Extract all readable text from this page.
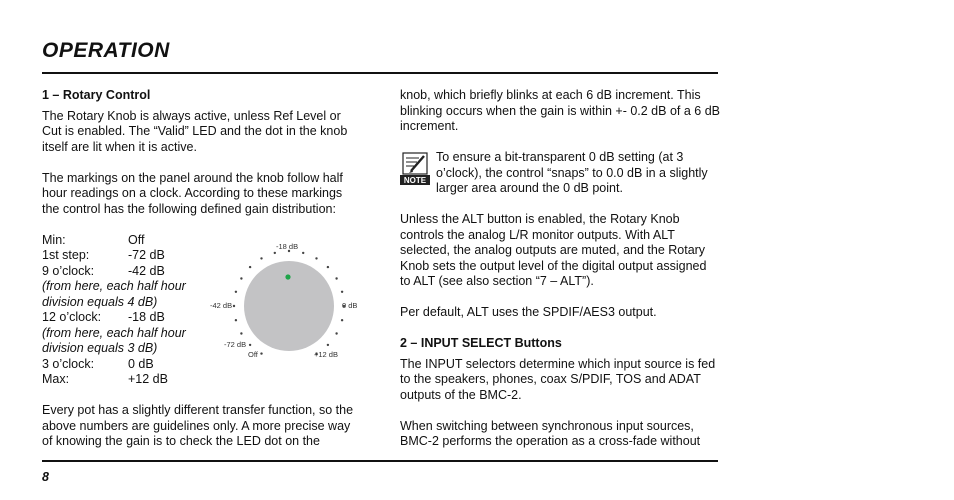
OPERATION
1 – Rotary Control

The Rotary Knob is always active, unless Ref Level or Cut is enabled. The “Valid” LED and the dot in the knob itself are lit when it is active.

The markings on the panel around the knob follow half hour readings on a clock. According to these markings the control has the following defined gain distribution:

Min:	Off
1st step:	-72 dB
9 o’clock:	-42 dB
(from here, each half hour division equals 4 dB)
12 o’clock:	-18 dB
(from here, each half hour division equals 3 dB)
3 o’clock:	0 dB
Max:	+12 dB

Every pot has a slightly different transfer function, so the above numbers are guidelines only. A more precise way of knowing the gain is to check the LED dot on the

-18 dB
-42 dB	0 dB
-72 dB
Off	+12 dB

knob, which briefly blinks at each 6 dB increment. This blinking occurs when the gain is within +- 0.2 dB of a 6 dB increment.

NOTE
To ensure a bit-transparent 0 dB setting (at 3 o’clock), the control “snaps” to 0.0 dB in a slightly larger area around the 0 dB point.

Unless the ALT button is enabled, the Rotary Knob controls the analog L/R monitor outputs. With ALT selected, the analog outputs are muted, and the Rotary Knob sets the output level of the digital output assigned to ALT (see also section “7 – ALT”).

Per default, ALT uses the SPDIF/AES3 output.

2 – INPUT SELECT Buttons

The INPUT selectors determine which input source is fed to the speakers, phones, coax S/PDIF, TOS and ADAT outputs of the BMC-2.

When switching between synchronous input sources, BMC-2 performs the operation as a cross-fade without

8
